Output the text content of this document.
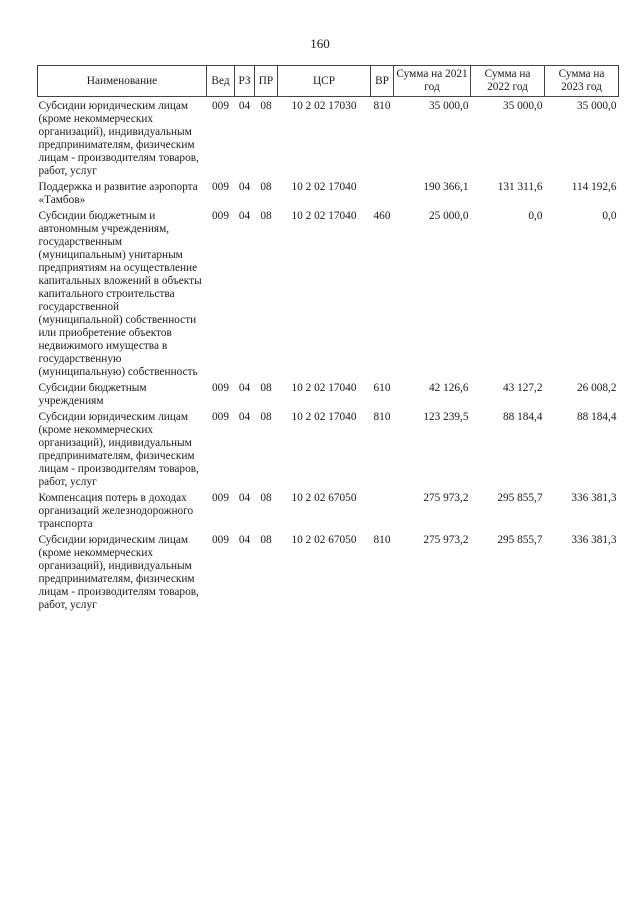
160
Наименование	Вед	РЗ	ПР	ЦСР	ВР	Сумма на 2021 год	Сумма на 2022 год	Сумма на 2023 год
Субсидии юридическим лицам (кроме некоммерческих организаций), индивидуальным предпринимателям, физическим лицам - производителям товаров, работ, услуг	009	04	08	10 2 02 17030	810	35 000,0	35 000,0	35 000,0
Поддержка и развитие аэропорта «Тамбов»	009	04	08	10 2 02 17040		190 366,1	131 311,6	114 192,6
Субсидии бюджетным и автономным учреждениям, государственным (муниципальным) унитарным предприятиям на осуществление капитальных вложений в объекты капитального строительства государственной (муниципальной) собственности или приобретение объектов недвижимого имущества в государственную (муниципальную) собственность	009	04	08	10 2 02 17040	460	25 000,0	0,0	0,0
Субсидии бюджетным учреждениям	009	04	08	10 2 02 17040	610	42 126,6	43 127,2	26 008,2
Субсидии юридическим лицам (кроме некоммерческих организаций), индивидуальным предпринимателям, физическим лицам - производителям товаров, работ, услуг	009	04	08	10 2 02 17040	810	123 239,5	88 184,4	88 184,4
Компенсация потерь в доходах организаций железнодорожного транспорта	009	04	08	10 2 02 67050		275 973,2	295 855,7	336 381,3
Субсидии юридическим лицам (кроме некоммерческих организаций), индивидуальным предпринимателям, физическим лицам - производителям товаров, работ, услуг	009	04	08	10 2 02 67050	810	275 973,2	295 855,7	336 381,3
